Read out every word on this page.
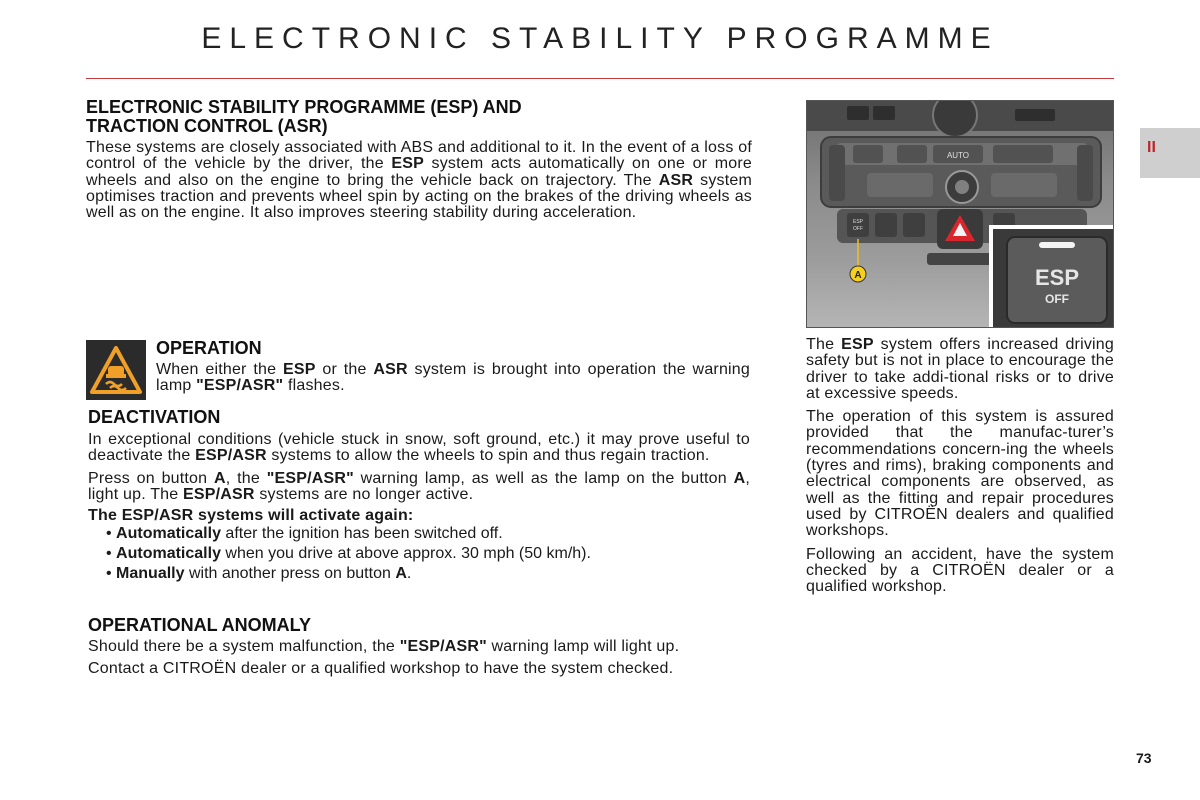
ELECTRONIC STABILITY PROGRAMME
II
ELECTRONIC STABILITY PROGRAMME (ESP) AND
TRACTION CONTROL (ASR)

These systems are closely associated with ABS and additional to it. In the event of a loss of control of the vehicle by the driver, the ESP system acts automatically on one or more wheels and also on the engine to bring the vehicle back on trajectory. The ASR system optimises traction and prevents wheel spin by acting on the brakes of the driving wheels as well as on the engine. It also improves steering stability during acceleration.

OPERATION

When either the ESP or the ASR system is brought into operation the warning lamp "ESP/ASR" flashes.

DEACTIVATION

In exceptional conditions (vehicle stuck in snow, soft ground, etc.) it may prove useful to deactivate the ESP/ASR systems to allow the wheels to spin and thus regain traction.

Press on button A, the "ESP/ASR" warning lamp, as well as the lamp on the button A, light up. The ESP/ASR systems are no longer active.

The ESP/ASR systems will activate again:

• Automatically after the ignition has been switched off.
• Automatically when you drive at above approx. 30 mph (50 km/h).
• Manually with another press on button A.
OPERATIONAL ANOMALY

Should there be a system malfunction, the "ESP/ASR" warning lamp will light up.

Contact a CITROËN dealer or a qualified workshop to have the system checked.

AUTO
ESP
OFF
A	ESP
OFF

The ESP system offers increased driving safety but is not in place to encourage the driver to take addi-tional risks or to drive at excessive speeds.

The operation of this system is assured provided that the manufac-turer’s recommendations concern-ing the wheels (tyres and rims), braking components and electrical components are observed, as well as the fitting and repair procedures used by CITROËN dealers and qualified workshops.

Following an accident, have the system checked by a CITROËN dealer or a qualified workshop.

73
